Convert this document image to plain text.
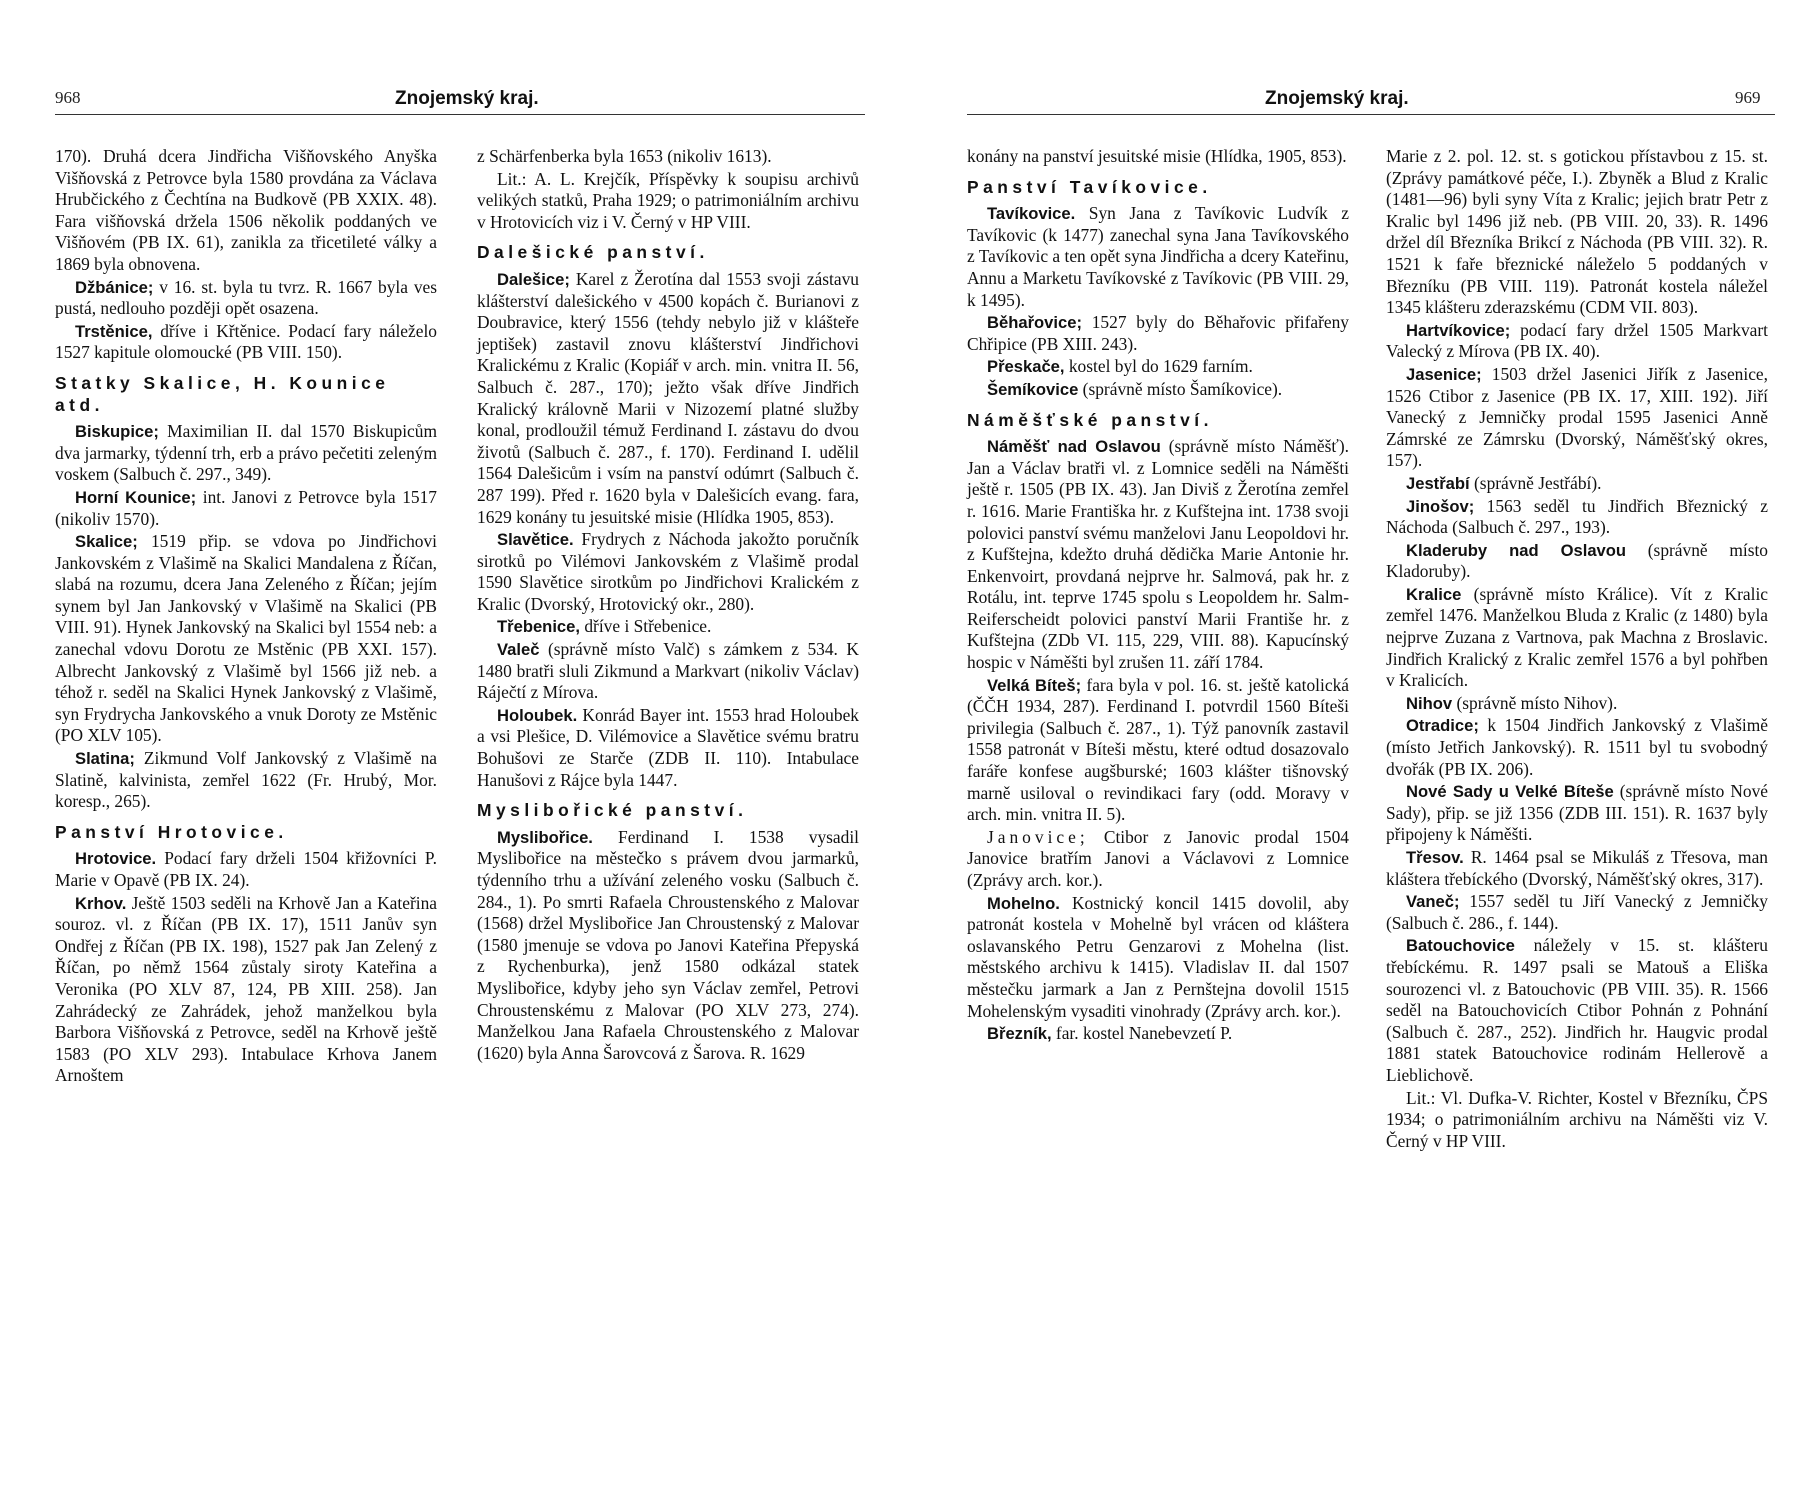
968	Znojemský kraj.

170). Druhá dcera Jindřicha Višňovského Anyška Višňovská z Petrovce byla 1580 provdána za Václava Hrubčického z Čechtína na Budkově (PB XXIX. 48). Fara višňovská držela 1506 několik poddaných ve Višňovém (PB IX. 61), zanikla za třicetileté války a 1869 byla obnovena.

Džbánice; v 16. st. byla tu tvrz. R. 1667 byla ves pustá, nedlouho později opět osazena.

Trstěnice, dříve i Křtěnice. Podací fary náleželo 1527 kapitule olomoucké (PB VIII. 150).

Statky Skalice, H. Kounice atd.

Biskupice; Maximilian II. dal 1570 Biskupicům dva jarmarky, týdenní trh, erb a právo pečetiti zeleným voskem (Salbuch č. 297., 349).

Horní Kounice; int. Janovi z Petrovce byla 1517 (nikoliv 1570).

Skalice; 1519 přip. se vdova po Jindřichovi Jankovském z Vlašimě na Skalici Mandalena z Říčan, slabá na rozumu, dcera Jana Zeleného z Říčan; jejím synem byl Jan Jankovský v Vlašimě na Skalici (PB VIII. 91). Hynek Jankovský na Skalici byl 1554 neb: a zanechal vdovu Dorotu ze Mstěnic (PB XXI. 157). Albrecht Jankovský z Vlašimě byl 1566 již neb. a téhož r. seděl na Skalici Hynek Jankovský z Vlašimě, syn Frydrycha Jankovského a vnuk Doroty ze Mstěnic (PO XLV 105).

Slatina; Zikmund Volf Jankovský z Vlašimě na Slatině, kalvinista, zemřel 1622 (Fr. Hrubý, Mor. koresp., 265).

Panství Hrotovice.

Hrotovice. Podací fary drželi 1504 křižovníci P. Marie v Opavě (PB IX. 24).

Krhov. Ještě 1503 seděli na Krhově Jan a Kateřina souroz. vl. z Říčan (PB IX. 17), 1511 Janův syn Ondřej z Říčan (PB IX. 198), 1527 pak Jan Zelený z Říčan, po němž 1564 zůstaly siroty Kateřina a Veronika (PO XLV 87, 124, PB XIII. 258). Jan Zahrádecký ze Zahrádek, jehož manželkou byla Barbora Višňovská z Petrovce, seděl na Krhově ještě 1583 (PO XLV 293). Intabulace Krhova Janem Arnoštem

z Schärfenberka byla 1653 (nikoliv 1613).

Lit.: A. L. Krejčík, Příspěvky k soupisu archivů velikých statků, Praha 1929; o patrimoniálním archivu v Hrotovicích viz i V. Černý v HP VIII.

Dalešické panství.

Dalešice; Karel z Žerotína dal 1553 svoji zástavu klášterství dalešického v 4500 kopách č. Burianovi z Doubravice, který 1556 (tehdy nebylo již v klášteře jeptišek) zastavil znovu klášterství Jindřichovi Kralickému z Kralic (Kopiář v arch. min. vnitra II. 56, Salbuch č. 287., 170); ježto však dříve Jindřich Kralický královně Marii v Nizozemí platné služby konal, prodloužil témuž Ferdinand I. zástavu do dvou životů (Salbuch č. 287., f. 170). Ferdinand I. udělil 1564 Dalešicům i vsím na panství odúmrt (Salbuch č. 287 199). Před r. 1620 byla v Dalešicích evang. fara, 1629 konány tu jesuitské misie (Hlídka 1905, 853).

Slavětice. Frydrych z Náchoda jakožto poručník sirotků po Vilémovi Jankovském z Vlašimě prodal 1590 Slavětice sirotkům po Jindřichovi Kralickém z Kralic (Dvorský, Hrotovický okr., 280).

Třebenice, dříve i Střebenice.

Valeč (správně místo Valč) s zámkem z 534. K 1480 bratři sluli Zikmund a Markvart (nikoliv Václav) Ráječtí z Mírova.

Holoubek. Konrád Bayer int. 1553 hrad Holoubek a vsi Plešice, D. Vilémovice a Slavětice svému bratru Bohušovi ze Starče (ZDB II. 110). Intabulace Hanušovi z Rájce byla 1447.

Myslibořické panství.

Myslibořice. Ferdinand I. 1538 vysadil Myslibořice na městečko s právem dvou jarmarků, týdenního trhu a užívání zeleného vosku (Salbuch č. 284., 1). Po smrti Rafaela Chroustenského z Malovar (1568) držel Myslibořice Jan Chroustenský z Malovar (1580 jmenuje se vdova po Janovi Kateřina Přepyská z Rychenburka), jenž 1580 odkázal statek Myslibořice, kdyby jeho syn Václav zemřel, Petrovi Chroustenskému z Malovar (PO XLV 273, 274). Manželkou Jana Rafaela Chroustenského z Malovar (1620) byla Anna Šarovcová z Šarova. R. 1629

Znojemský kraj.	969

konány na panství jesuitské misie (Hlídka, 1905, 853).

Panství Tavíkovice.

Tavíkovice. Syn Jana z Tavíkovic Ludvík z Tavíkovic (k 1477) zanechal syna Jana Tavíkovského z Tavíkovic a ten opět syna Jindřicha a dcery Kateřinu, Annu a Marketu Tavíkovské z Tavíkovic (PB VIII. 29, k 1495).

Běhařovice; 1527 byly do Běhařovic přifařeny Chřipice (PB XIII. 243).

Přeskače, kostel byl do 1629 farním.

Šemíkovice (správně místo Šamíkovice).

Náměšťské panství.

Náměšť nad Oslavou (správně místo Náměšť). Jan a Václav bratři vl. z Lomnice seděli na Náměšti ještě r. 1505 (PB IX. 43). Jan Diviš z Žerotína zemřel r. 1616. Marie Františka hr. z Kufštejna int. 1738 svoji polovici panství svému manželovi Janu Leopoldovi hr. z Kufštejna, kdežto druhá dědička Marie Antonie hr. Enkenvoirt, provdaná nejprve hr. Salmová, pak hr. z Rotálu, int. teprve 1745 spolu s Leopoldem hr. Salm-Reiferscheidt polovici panství Marii Františe hr. z Kufštejna (ZDb VI. 115, 229, VIII. 88). Kapucínský hospic v Náměšti byl zrušen 11. září 1784.

Velká Bíteš; fara byla v pol. 16. st. ještě katolická (ČČH 1934, 287). Ferdinand I. potvrdil 1560 Bíteši privilegia (Salbuch č. 287., 1). Týž panovník zastavil 1558 patronát v Bíteši městu, které odtud dosazovalo faráře konfese augšburské; 1603 klášter tišnovský marně usiloval o revindikaci fary (odd. Moravy v arch. min. vnitra II. 5).

Janovice; Ctibor z Janovic prodal 1504 Janovice bratřím Janovi a Václavovi z Lomnice (Zprávy arch. kor.).

Mohelno. Kostnický koncil 1415 dovolil, aby patronát kostela v Mohelně byl vrácen od kláštera oslavanského Petru Genzarovi z Mohelna (list. městského archivu k 1415). Vladislav II. dal 1507 městečku jarmark a Jan z Pernštejna dovolil 1515 Mohelenským vysaditi vinohrady (Zprávy arch. kor.).

Březník, far. kostel Nanebevzetí P.

Marie z 2. pol. 12. st. s gotickou přístavbou z 15. st. (Zprávy památkové péče, I.). Zbyněk a Blud z Kralic (1481—96) byli syny Víta z Kralic; jejich bratr Petr z Kralic byl 1496 již neb. (PB VIII. 20, 33). R. 1496 držel díl Březníka Brikcí z Náchoda (PB VIII. 32). R. 1521 k faře březnické náleželo 5 poddaných v Březníku (PB VIII. 119). Patronát kostela náležel 1345 klášteru zderazskému (CDM VII. 803).

Hartvíkovice; podací fary držel 1505 Markvart Valecký z Mírova (PB IX. 40).

Jasenice; 1503 držel Jasenici Jiřík z Jasenice, 1526 Ctibor z Jasenice (PB IX. 17, XIII. 192). Jiří Vanecký z Jemničky prodal 1595 Jasenici Anně Zámrské ze Zámrsku (Dvorský, Náměšťský okres, 157).

Jestřabí (správně Jestřábí).

Jinošov; 1563 seděl tu Jindřich Březnický z Náchoda (Salbuch č. 297., 193).

Kladeruby nad Oslavou (správně místo Kladoruby).

Kralice (správně místo Králice). Vít z Kralic zemřel 1476. Manželkou Bluda z Kralic (z 1480) byla nejprve Zuzana z Vartnova, pak Machna z Broslavic. Jindřich Kralický z Kralic zemřel 1576 a byl pohřben v Kralicích.

Nihov (správně místo Nihov).

Otradice; k 1504 Jindřich Jankovský z Vlašimě (místo Jetřich Jankovský). R. 1511 byl tu svobodný dvořák (PB IX. 206).

Nové Sady u Velké Bíteše (správně místo Nové Sady), přip. se již 1356 (ZDB III. 151). R. 1637 byly připojeny k Náměšti.

Třesov. R. 1464 psal se Mikuláš z Třesova, man kláštera třebíckého (Dvorský, Náměšťský okres, 317).

Vaneč; 1557 seděl tu Jiří Vanecký z Jemničky (Salbuch č. 286., f. 144).

Batouchovice náležely v 15. st. klášteru třebíckému. R. 1497 psali se Matouš a Eliška sourozenci vl. z Batouchovic (PB VIII. 35). R. 1566 seděl na Batouchovicích Ctibor Pohnán z Pohnání (Salbuch č. 287., 252). Jindřich hr. Haugvic prodal 1881 statek Batouchovice rodinám Hellerově a Lieblichově.

Lit.: Vl. Dufka-V. Richter, Kostel v Březníku, ČPS 1934; o patrimoniálním archivu na Náměšti viz V. Černý v HP VIII.
